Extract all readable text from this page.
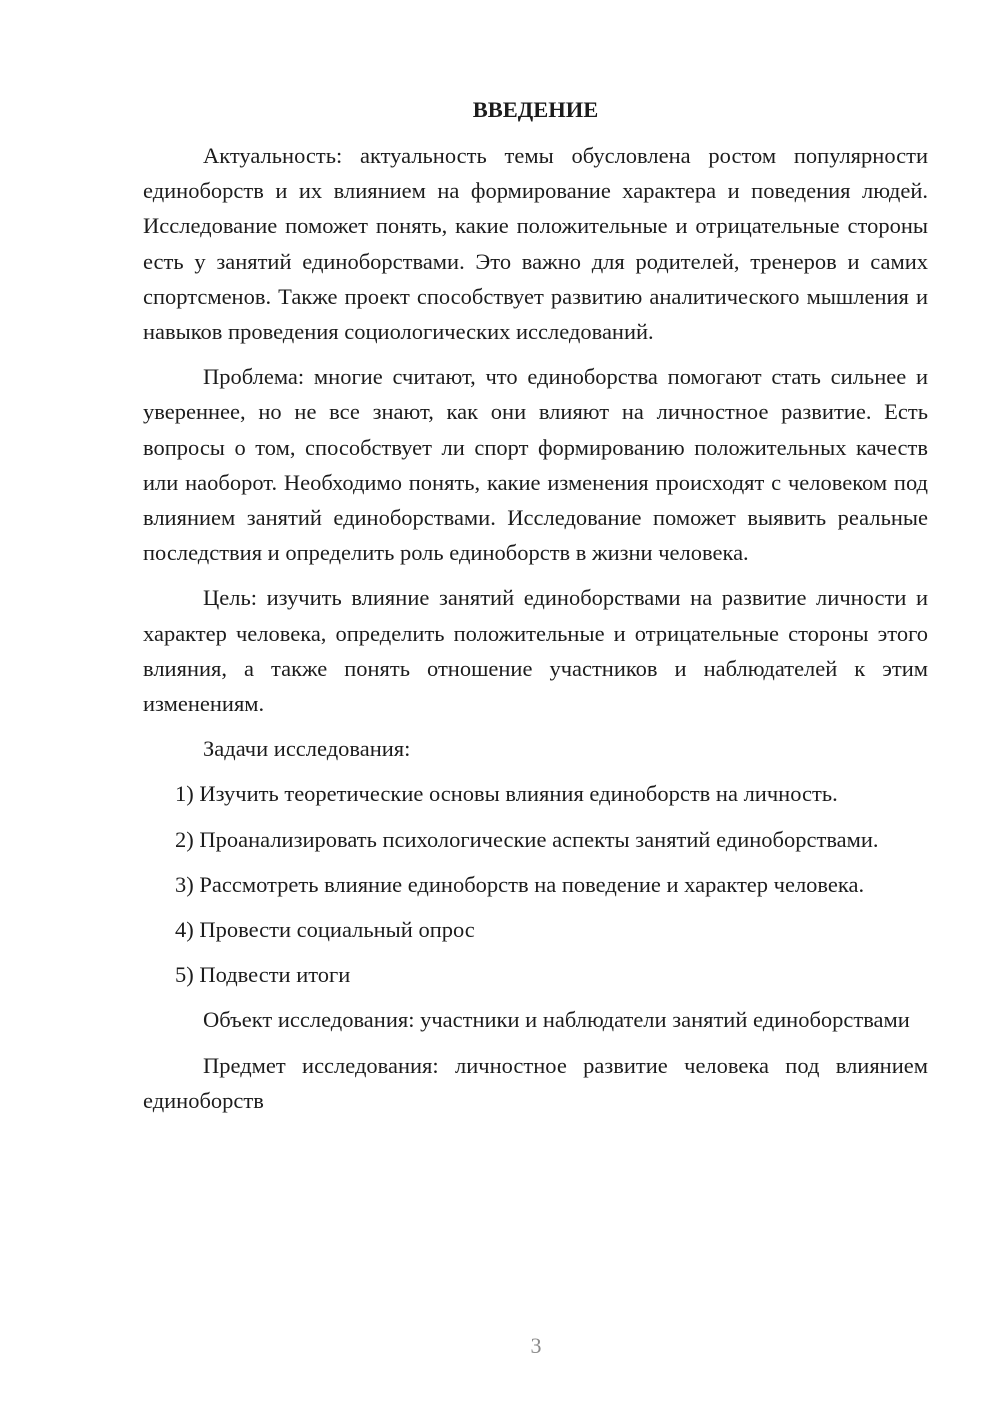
ВВЕДЕНИЕ

Актуальность: актуальность темы обусловлена ростом популярности единоборств и их влиянием на формирование характера и поведения людей. Исследование поможет понять, какие положительные и отрицательные стороны есть у занятий единоборствами. Это важно для родителей, тренеров и самих спортсменов. Также проект способствует развитию аналитического мышления и навыков проведения социологических исследований.

Проблема: многие считают, что единоборства помогают стать сильнее и увереннее, но не все знают, как они влияют на личностное развитие. Есть вопросы о том, способствует ли спорт формированию положительных качеств или наоборот. Необходимо понять, какие изменения происходят с человеком под влиянием занятий единоборствами. Исследование поможет выявить реальные последствия и определить роль единоборств в жизни человека.

Цель: изучить влияние занятий единоборствами на развитие личности и характер человека, определить положительные и отрицательные стороны этого влияния, а также понять отношение участников и наблюдателей к этим изменениям.

Задачи исследования:

1) Изучить теоретические основы влияния единоборств на личность.

2) Проанализировать психологические аспекты занятий единоборствами.

3) Рассмотреть влияние единоборств на поведение и характер человека.

4) Провести социальный опрос

5) Подвести итоги

Объект исследования: участники и наблюдатели занятий единоборствами

Предмет исследования: личностное развитие человека под влиянием единоборств

3
